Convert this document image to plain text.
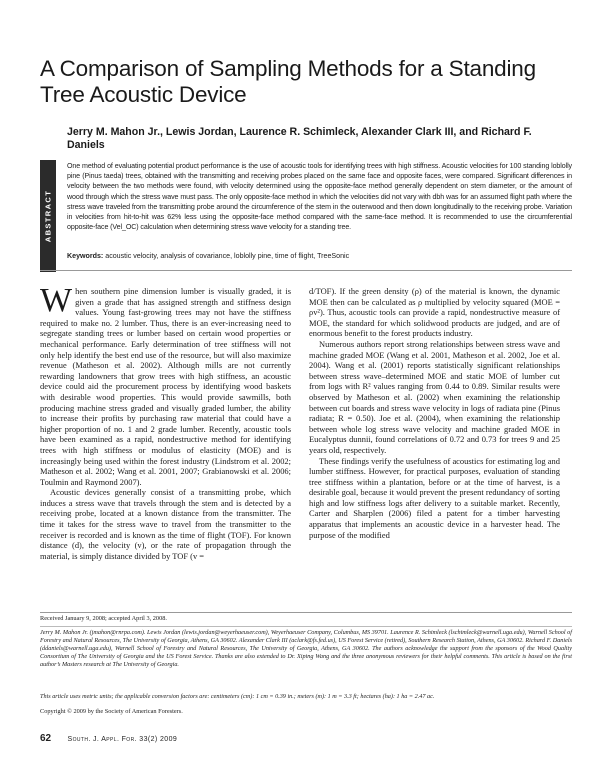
A Comparison of Sampling Methods for a Standing Tree Acoustic Device
Jerry M. Mahon Jr., Lewis Jordan, Laurence R. Schimleck, Alexander Clark III, and Richard F. Daniels
ABSTRACT
One method of evaluating potential product performance is the use of acoustic tools for identifying trees with high stiffness. Acoustic velocities for 100 standing loblolly pine (Pinus taeda) trees, obtained with the transmitting and receiving probes placed on the same face and opposite faces, were compared. Significant differences in velocity between the two methods were found, with velocity determined using the opposite-face method generally dependent on stem diameter, or the amount of wood through which the stress wave must pass. The only opposite-face method in which the velocities did not vary with dbh was for an assumed flight path where the stress wave traveled from the transmitting probe around the circumference of the stem in the outerwood and then down longitudinally to the receiving probe. Variation in velocities from hit-to-hit was 62% less using the opposite-face method compared with the same-face method. It is recommended to use the circumferential opposite-face (Vel_OC) calculation when determining stress wave velocity for a standing tree.
Keywords: acoustic velocity, analysis of covariance, loblolly pine, time of flight, TreeSonic

When southern pine dimension lumber is visually graded, it is given a grade that has assigned strength and stiffness design values. Young fast-growing trees may not have the stiffness required to make no. 2 lumber. Thus, there is an ever-increasing need to segregate standing trees or lumber based on certain wood properties or mechanical performance. Early determination of tree stiffness will not only help identify the best end use of the resource, but will also maximize revenue (Matheson et al. 2002). Although mills are not currently rewarding landowners that grow trees with high stiffness, an acoustic device could aid the procurement process by identifying wood baskets with desirable wood properties. This would provide sawmills, both producing machine stress graded and visually graded lumber, the ability to increase their profits by purchasing raw material that could have a higher proportion of no. 1 and 2 grade lumber. Recently, acoustic tools have been examined as a rapid, nondestructive method for identifying trees with high stiffness or modulus of elasticity (MOE) and is increasingly being used within the forest industry (Lindstrom et al. 2002; Matheson et al. 2002; Wang et al. 2001, 2007; Grabianowski et al. 2006; Toulmin and Raymond 2007).

Acoustic devices generally consist of a transmitting probe, which induces a stress wave that travels through the stem and is detected by a receiving probe, located at a known distance from the transmitter. The time it takes for the stress wave to travel from the transmitter to the receiver is recorded and is known as the time of flight (TOF). For known distance (d), the velocity (v), or the rate of propagation through the material, is simply distance divided by TOF (v =

d/TOF). If the green density (ρ) of the material is known, the dynamic MOE then can be calculated as ρ multiplied by velocity squared (MOE = ρv²). Thus, acoustic tools can provide a rapid, nondestructive measure of MOE, the standard for which solidwood products are judged, and are of enormous benefit to the forest products industry.

Numerous authors report strong relationships between stress wave and machine graded MOE (Wang et al. 2001, Matheson et al. 2002, Joe et al. 2004). Wang et al. (2001) reports statistically significant relationships between stress wave–determined MOE and static MOE of lumber cut from logs with R² values ranging from 0.44 to 0.89. Similar results were observed by Matheson et al. (2002) when examining the relationship between cut boards and stress wave velocity in logs of radiata pine (Pinus radiata; R = 0.50). Joe et al. (2004), when examining the relationship between whole log stress wave velocity and machine graded MOE in Eucalyptus dunnii, found correlations of 0.72 and 0.73 for trees 9 and 25 years old, respectively.

These findings verify the usefulness of acoustics for estimating log and lumber stiffness. However, for practical purposes, evaluation of standing tree stiffness within a plantation, before or at the time of harvest, is a desirable goal, because it would prevent the present redundancy of sorting high and low stiffness logs after delivery to a suitable market. Recently, Carter and Sharplen (2006) filed a patent for a timber harvesting apparatus that implements an acoustic device in a harvester head. The purpose of the modified

Received January 9, 2008; accepted April 3, 2008.
Jerry M. Mahon Jr. (jmahon@rnrpa.com). Lewis Jordan (lewis.jordan@weyerhaeuser.com), Weyerhaeuser Company, Columbus, MS 39701. Laurence R. Schimleck (lschimleck@warnell.uga.edu), Warnell School of Forestry and Natural Resources, The University of Georgia, Athens, GA 30602. Alexander Clark III (aclark@fs.fed.us), US Forest Service (retired), Southern Research Station, Athens, GA 30602. Richard F. Daniels (ddaniels@warnell.uga.edu), Warnell School of Forestry and Natural Resources, The University of Georgia, Athens, GA 30602. The authors acknowledge the support from the sponsors of the Wood Quality Consortium of The University of Georgia and the US Forest Service. Thanks are also extended to Dr. Xiping Wang and the three anonymous reviewers for their helpful comments. This article is based on the first author’s Masters research at The University of Georgia.
This article uses metric units; the applicable conversion factors are: centimeters (cm): 1 cm = 0.39 in.; meters (m): 1 m = 3.3 ft; hectares (ha): 1 ha = 2.47 ac.
Copyright © 2009 by the Society of American Foresters.
62 South. J. Appl. For. 33(2) 2009
